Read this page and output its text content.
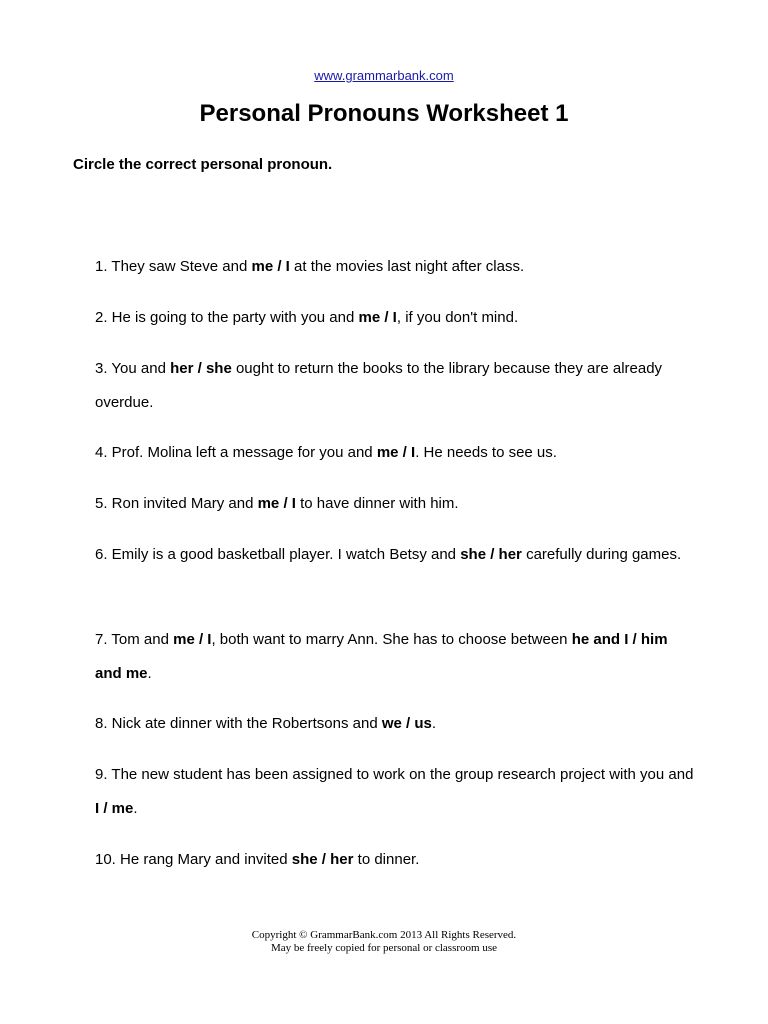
www.grammarbank.com
Personal Pronouns Worksheet 1
Circle the correct personal pronoun.
1. They saw Steve and me / I at the movies last night after class.
2. He is going to the party with you and me / I, if you don't mind.
3. You and her / she ought to return the books to the library because they are already overdue.
4. Prof. Molina left a message for you and me / I. He needs to see us.
5. Ron invited Mary and me / I to have dinner with him.
6. Emily is a good basketball player. I watch Betsy and she / her carefully during games.
7. Tom and me / I, both want to marry Ann. She has to choose between he and I / him and me.
8. Nick ate dinner with the Robertsons and we / us.
9. The new student has been assigned to work on the group research project with you and I / me.
10. He rang Mary and invited she / her to dinner.
Copyright © GrammarBank.com 2013 All Rights Reserved.
May be freely copied for personal or classroom use
